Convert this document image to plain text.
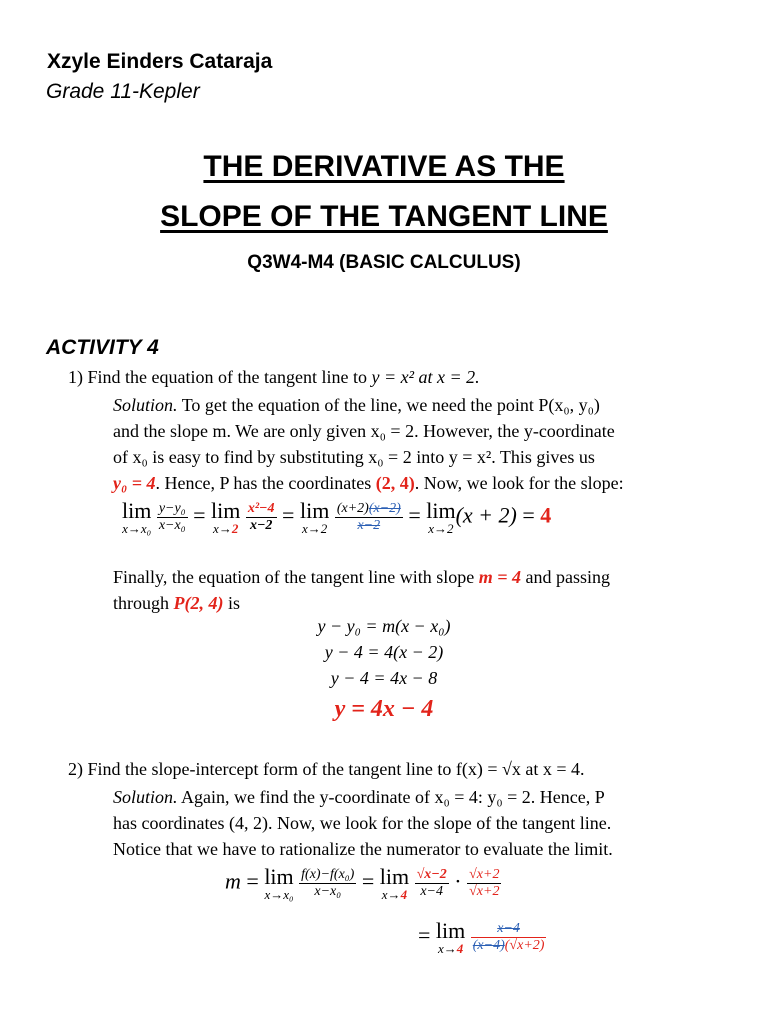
Xzyle Einders Cataraja
Grade 11-Kepler
THE DERIVATIVE AS THE
SLOPE OF THE TANGENT LINE
Q3W4-M4 (BASIC CALCULUS)
ACTIVITY 4
1) Find the equation of the tangent line to y = x² at x = 2.
Solution. To get the equation of the line, we need the point P(x₀, y₀)
and the slope m. We are only given x₀ = 2. However, the y-coordinate
of x₀ is easy to find by substituting x₀ = 2 into y = x². This gives us
y₀ = 4. Hence, P has the coordinates (2, 4). Now, we look for the slope:
lim
x→x₀
$\frac{\text{y−y₀}}{\text{x−x₀}} = \lim$
x→2
$\frac{\text{x²−4}}{x-2} = \lim$
x→2
$\frac{(x+2)(x-2)}{x-2} = \lim$
x→2
(x + 2) = 4
Finally, the equation of the tangent line with slope m = 4 and passing
through P(2, 4) is
y − y₀ = m(x − x₀)
y − 4 = 4(x − 2)
y − 4 = 4x − 8
y = 4x − 4
2) Find the slope-intercept form of the tangent line to f(x) = √x at x = 4.
Solution. Again, we find the y-coordinate of x₀ = 4: y₀ = 2. Hence, P
has coordinates (4, 2). Now, we look for the slope of the tangent line.
Notice that we have to rationalize the numerator to evaluate the limit.
m = lim
x→x₀
$\frac{\text{f(x)−f(x₀)}}{\text{x−x₀}} = \lim$
x→4
$\frac{√x-2}{x-4} \cdot \frac{√x+2}{√x+2}$
= lim
x→4
$\frac{x-4}{(x-4)(√x+2)}$
